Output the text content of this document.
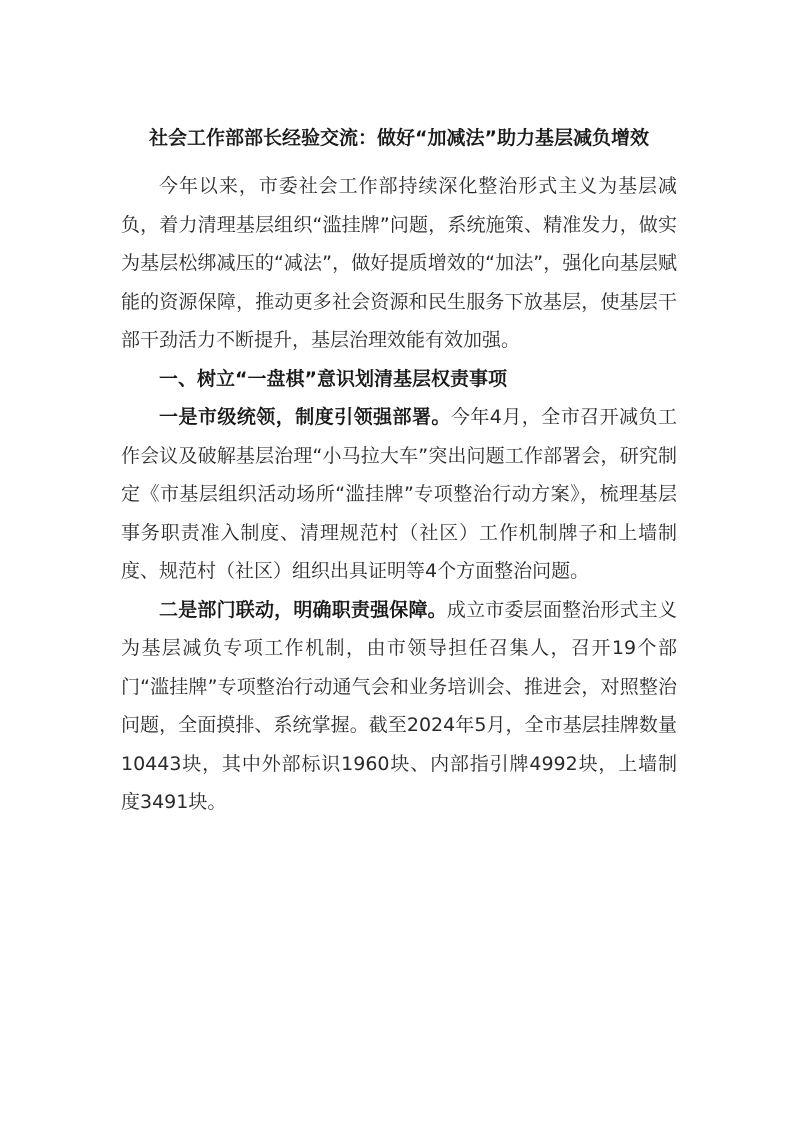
社会工作部部长经验交流：做好“加减法”助力基层减负增效

今年以来，市委社会工作部持续深化整治形式主义为基层减负，着力清理基层组织“滥挂牌”问题，系统施策、精准发力，做实为基层松绑减压的“减法”，做好提质增效的“加法”，强化向基层赋能的资源保障，推动更多社会资源和民生服务下放基层，使基层干部干劲活力不断提升，基层治理效能有效加强。

一、树立“一盘棋”意识划清基层权责事项

一是市级统领，制度引领强部署。今年4月，全市召开减负工作会议及破解基层治理“小马拉大车”突出问题工作部署会，研究制定《市基层组织活动场所“滥挂牌”专项整治行动方案》，梳理基层事务职责准入制度、清理规范村（社区）工作机制牌子和上墙制度、规范村（社区）组织出具证明等4个方面整治问题。

二是部门联动，明确职责强保障。成立市委层面整治形式主义为基层减负专项工作机制，由市领导担任召集人，召开19个部门“滥挂牌”专项整治行动通气会和业务培训会、推进会，对照整治问题，全面摸排、系统掌握。截至2024年5月，全市基层挂牌数量10443块，其中外部标识1960块、内部指引牌4992块，上墙制度3491块。
